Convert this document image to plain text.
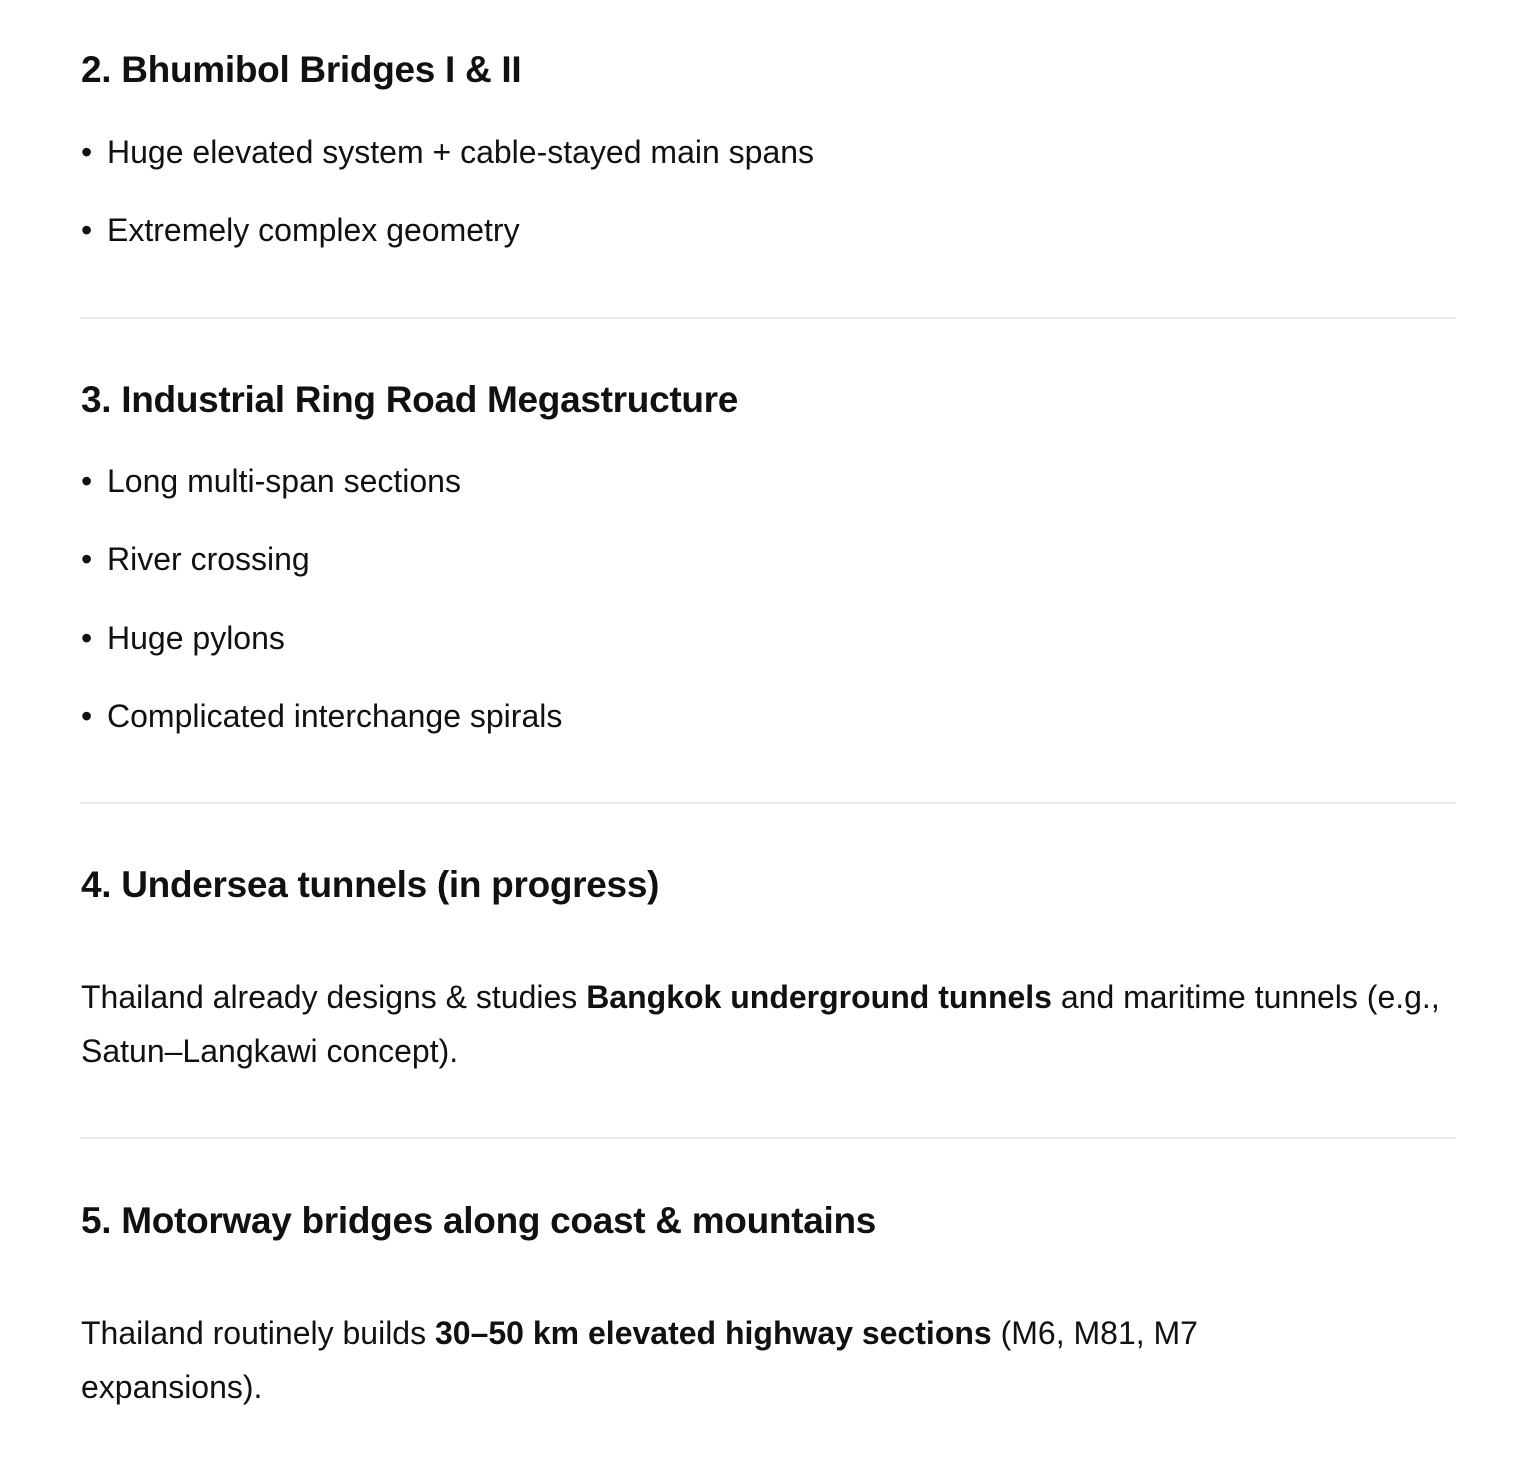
2. Bhumibol Bridges I & II

• Huge elevated system + cable-stayed main spans

• Extremely complex geometry

3. Industrial Ring Road Megastructure

• Long multi-span sections

• River crossing

• Huge pylons

• Complicated interchange spirals

4. Undersea tunnels (in progress)

Thailand already designs & studies Bangkok underground tunnels and maritime tunnels (e.g., Satun–Langkawi concept).

5. Motorway bridges along coast & mountains

Thailand routinely builds 30–50 km elevated highway sections (M6, M81, M7 expansions).
